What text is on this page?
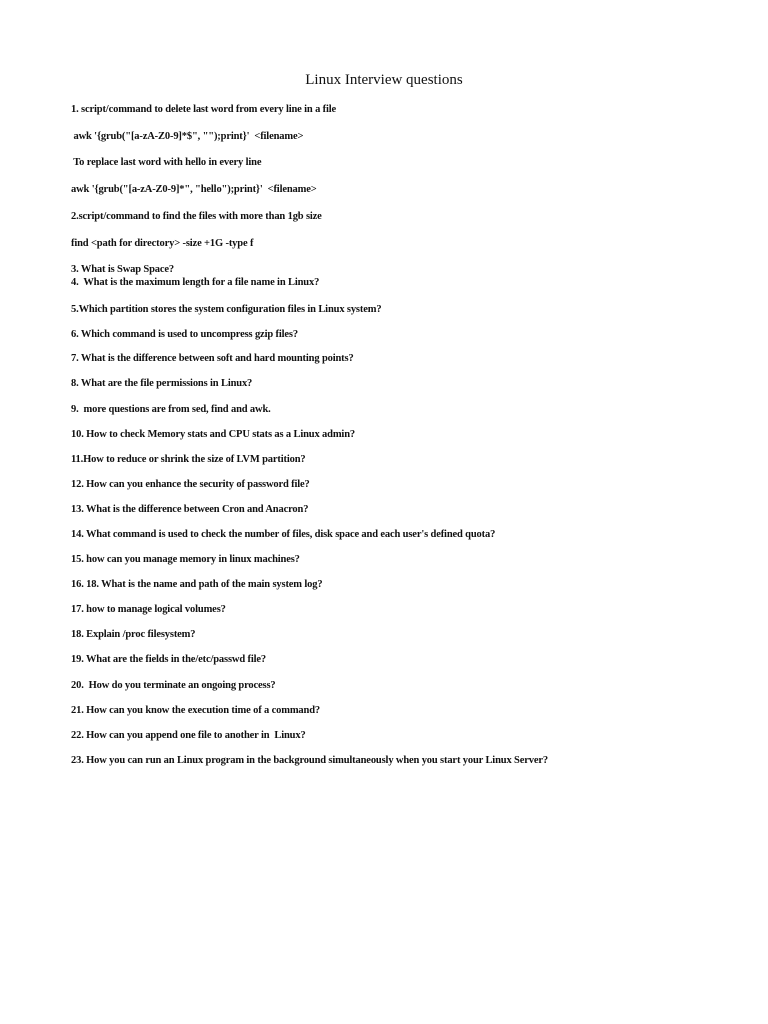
Linux Interview questions
1. script/command to delete last word from every line in a file
awk '{grub("[a-zA-Z0-9]*$", "");print}'  <filename>
To replace last word with hello in every line
awk '{grub("[a-zA-Z0-9]*", "hello");print}'  <filename>
2.script/command to find the files with more than 1gb size
find <path for directory> -size +1G -type f
3. What is Swap Space?
4.  What is the maximum length for a file name in Linux?
5.Which partition stores the system configuration files in Linux system?
6. Which command is used to uncompress gzip files?
7. What is the difference between soft and hard mounting points?
8. What are the file permissions in Linux?
9.  more questions are from sed, find and awk.
10. How to check Memory stats and CPU stats as a Linux admin?
11.How to reduce or shrink the size of LVM partition?
12. How can you enhance the security of password file?
13. What is the difference between Cron and Anacron?
14. What command is used to check the number of files, disk space and each user's defined quota?
15. how can you manage memory in linux machines?
16. 18. What is the name and path of the main system log?
17. how to manage logical volumes?
18. Explain /proc filesystem?
19. What are the fields in the/etc/passwd file?
20.  How do you terminate an ongoing process?
21. How can you know the execution time of a command?
22. How can you append one file to another in  Linux?
23. How you can run an Linux program in the background simultaneously when you start your Linux Server?
